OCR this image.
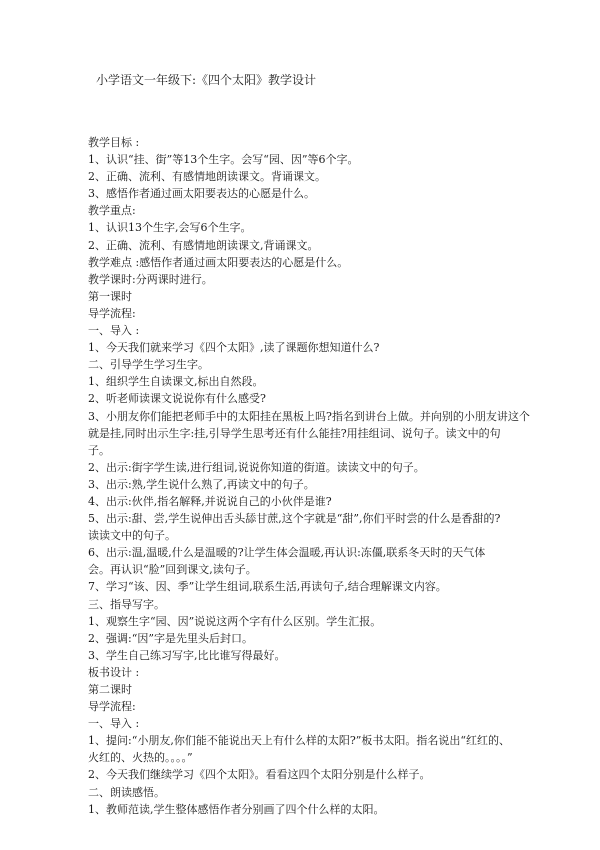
小学语文一年级下:《四个太阳》教学设计
教学目标 :
1、认识“挂、街”等13个生字。会写“园、因”等6个字。
2、正确、流利、有感情地朗读课文。背诵课文。
3、感悟作者通过画太阳要表达的心愿是什么。
教学重点:
1、认识13个生字,会写6个生字。
2、正确、流利、有感情地朗读课文,背诵课文。
教学难点 :感悟作者通过画太阳要表达的心愿是什么。
教学课时:分两课时进行。
第一课时
导学流程:
一、导入 :
1、今天我们就来学习《四个太阳》,读了课题你想知道什么?
二、引导学生学习生字。
1、组织学生自读课文,标出自然段。
2、听老师读课文说说你有什么感受?
3、小朋友你们能把老师手中的太阳挂在黑板上吗?指名到讲台上做。并向别的小朋友讲这个
就是挂,同时出示生字:挂,引导学生思考还有什么能挂?用挂组词、说句子。读文中的句
子。
2、出示:街字学生读,进行组词,说说你知道的街道。读读文中的句子。
3、出示:熟,学生说什么熟了,再读文中的句子。
4、出示:伙伴,指名解释,并说说自己的小伙伴是谁?
5、出示:甜、尝,学生说伸出舌头舔甘蔗,这个字就是“甜”,你们平时尝的什么是香甜的?
读读文中的句子。
6、出示:温,温暖,什么是温暖的?让学生体会温暖,再认识:冻僵,联系冬天时的天气体
会。再认识“脸”回到课文,读句子。
7、学习“该、因、季”让学生组词,联系生活,再读句子,结合理解课文内容。
三、指导写字。
1、观察生字“园、因”说说这两个字有什么区别。学生汇报。
2、强调:“因”字是先里头后封口。
3、学生自己练习写字,比比谁写得最好。
板书设计 :
第二课时
导学流程:
一、导入 :
1、提问:“小朋友,你们能不能说出天上有什么样的太阳?”板书太阳。指名说出“红红的、
火红的、火热的。。。。”
2、今天我们继续学习《四个太阳》。看看这四个太阳分别是什么样子。
二、朗读感悟。
1、教师范读,学生整体感悟作者分别画了四个什么样的太阳。
